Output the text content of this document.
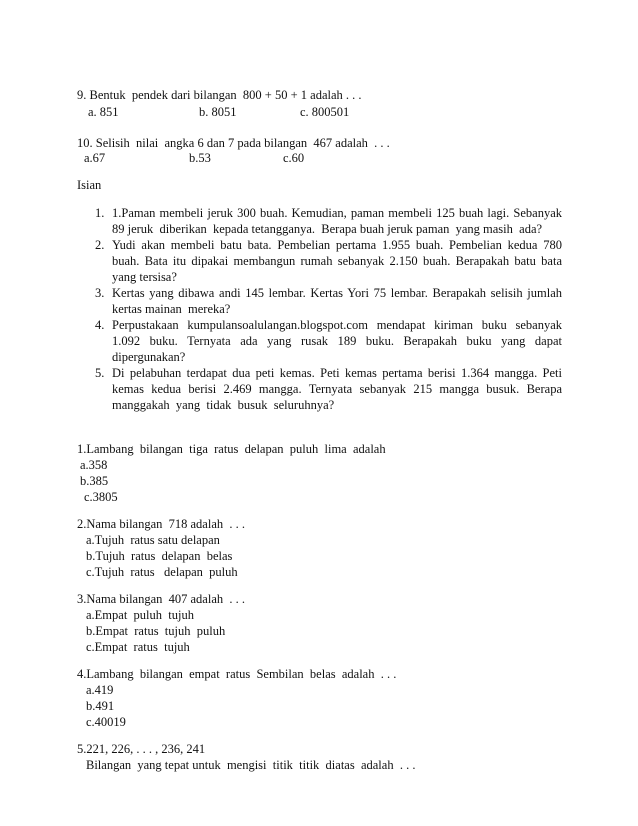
9. Bentuk  pendek dari bilangan  800 + 50 + 1 adalah . . .
a. 851	b. 8051	c. 800501
10. Selisih  nilai  angka 6 dan 7 pada bilangan  467 adalah  . . .
a.67	b.53	c.60
Isian
1. 1.Paman membeli jeruk 300 buah. Kemudian, paman membeli 125 buah lagi. Sebanyak
89 jeruk  diberikan  kepada tetangganya.  Berapa buah jeruk paman  yang masih  ada?
2. Yudi akan membeli batu bata. Pembelian pertama 1.955 buah. Pembelian kedua 780
buah. Bata itu dipakai membangun rumah sebanyak 2.150 buah. Berapakah batu bata
yang tersisa?
3. Kertas yang dibawa andi 145 lembar. Kertas Yori 75 lembar. Berapakah selisih jumlah
kertas mainan  mereka?
4. Perpustakaan kumpulansoalulangan.blogspot.com mendapat kiriman buku sebanyak
1.092 buku. Ternyata ada yang rusak 189 buku. Berapakah buku yang dapat
dipergunakan?
5. Di pelabuhan terdapat dua peti kemas. Peti kemas pertama berisi 1.364 mangga. Peti
kemas kedua berisi 2.469 mangga. Ternyata sebanyak 215 mangga busuk. Berapa
manggakah  yang  tidak  busuk  seluruhnya?
1.Lambang  bilangan  tiga  ratus  delapan  puluh  lima  adalah
a.358
b.385
c.3805
2.Nama bilangan  718 adalah  . . .
a.Tujuh  ratus satu delapan
b.Tujuh  ratus  delapan  belas
c.Tujuh  ratus   delapan  puluh
3.Nama bilangan  407 adalah  . . .
a.Empat  puluh  tujuh
b.Empat  ratus  tujuh  puluh
c.Empat  ratus  tujuh
4.Lambang  bilangan  empat  ratus  Sembilan  belas  adalah  . . .
a.419
b.491
c.40019
5.221, 226, . . . , 236, 241
Bilangan  yang tepat untuk  mengisi  titik  titik  diatas  adalah  . . .
